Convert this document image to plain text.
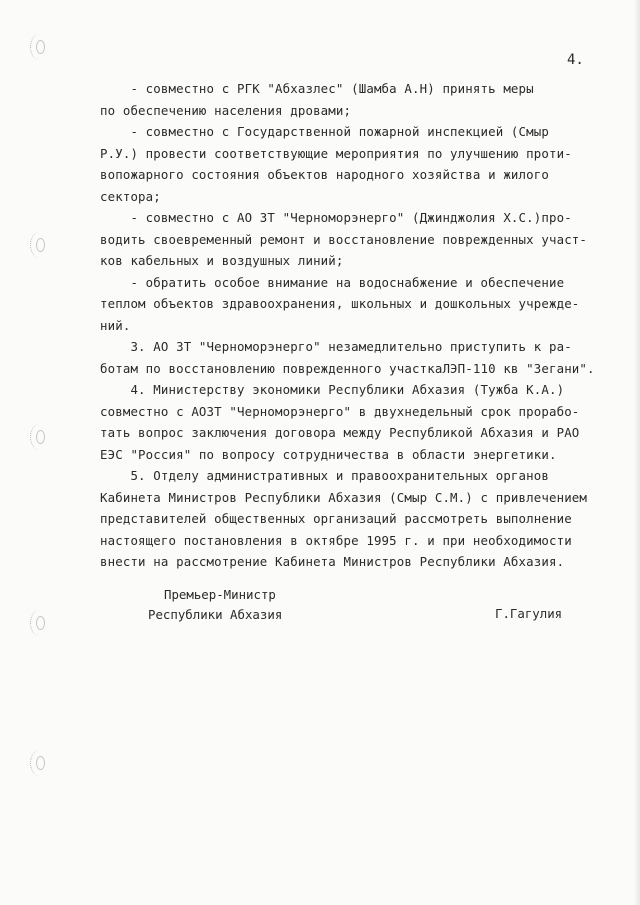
4.
- совместно с РГК "Абхазлес" (Шамба А.Н) принять меры
по обеспечению населения дровами;
- совместно с Государственной пожарной инспекцией (Смыр
Р.У.) провести соответствующие мероприятия по улучшению проти-
вопожарного состояния объектов народного хозяйства и жилого
сектора;
- совместно с АО ЗТ "Черноморэнерго" (Джинджолия Х.С.)про-
водить своевременный ремонт и восстановление поврежденных участ-
ков кабельных и воздушных линий;
- обратить особое внимание на водоснабжение и обеспечение
теплом объектов здравоохранения, школьных и дошкольных учрежде-
ний.
3. АО ЗТ "Черноморэнерго" незамедлительно приступить к ра-
ботам по восстановлению поврежденного участкаЛЭП-110 кв "Зегани".
4. Министерству экономики Республики Абхазия (Тужба К.А.)
совместно с АОЗТ "Черноморэнерго" в двухнедельный срок прорабо-
тать вопрос заключения договора между Республикой Абхазия и РАО
ЕЭС "Россия" по вопросу сотрудничества в области энергетики.
5. Отделу административных и правоохранительных органов
Кабинета Министров Республики Абхазия (Смыр С.М.) с привлечением
представителей общественных организаций рассмотреть выполнение
настоящего постановления в октябре 1995 г. и при необходимости
внести на рассмотрение Кабинета Министров Республики Абхазия.
Премьер-Министр
Республики Абхазия	Г.Гагулия
